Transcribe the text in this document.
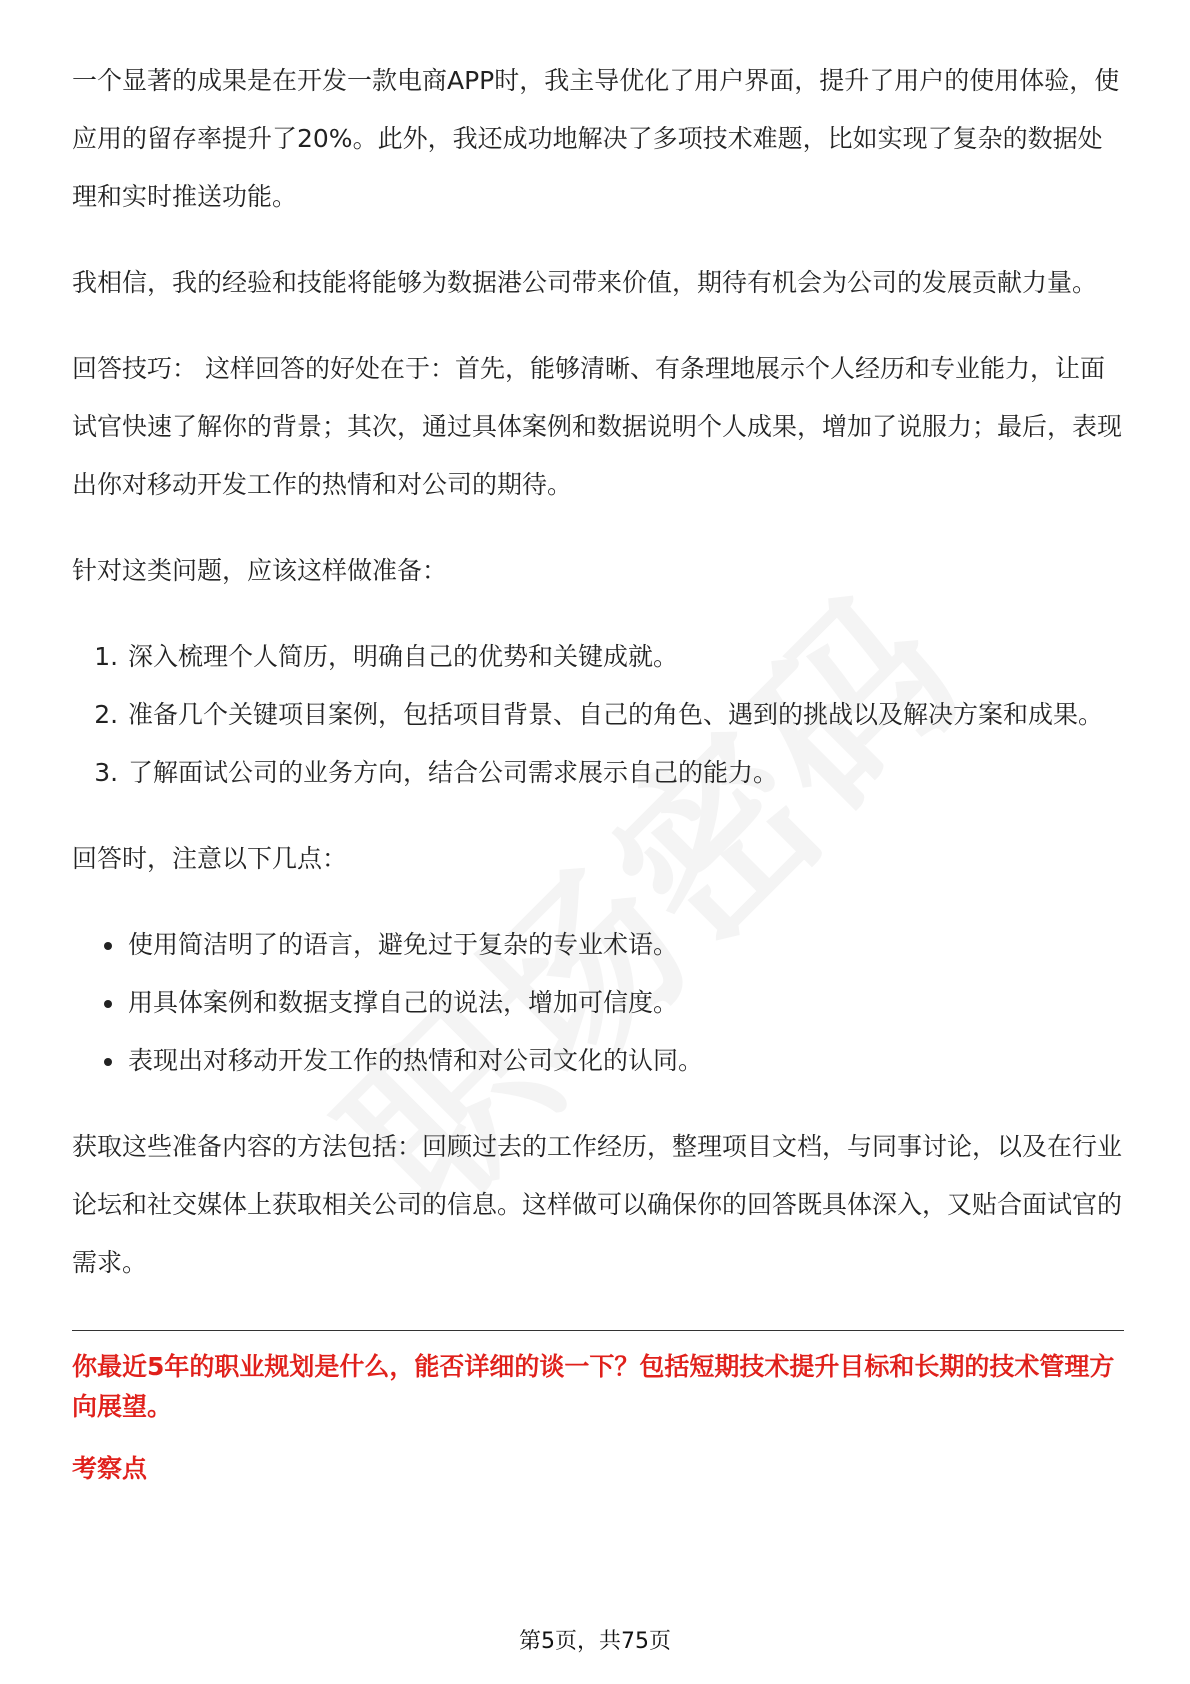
一个显著的成果是在开发一款电商APP时，我主导优化了用户界面，提升了用户的使用体验，使应用的留存率提升了20%。此外，我还成功地解决了多项技术难题，比如实现了复杂的数据处理和实时推送功能。

我相信，我的经验和技能将能够为数据港公司带来价值，期待有机会为公司的发展贡献力量。

回答技巧： 这样回答的好处在于：首先，能够清晰、有条理地展示个人经历和专业能力，让面试官快速了解你的背景；其次，通过具体案例和数据说明个人成果，增加了说服力；最后，表现出你对移动开发工作的热情和对公司的期待。

针对这类问题，应该这样做准备：

1. 深入梳理个人简历，明确自己的优势和关键成就。
2. 准备几个关键项目案例，包括项目背景、自己的角色、遇到的挑战以及解决方案和成果。
3. 了解面试公司的业务方向，结合公司需求展示自己的能力。

回答时，注意以下几点：

• 使用简洁明了的语言，避免过于复杂的专业术语。
• 用具体案例和数据支撑自己的说法，增加可信度。
• 表现出对移动开发工作的热情和对公司文化的认同。

获取这些准备内容的方法包括：回顾过去的工作经历，整理项目文档，与同事讨论，以及在行业论坛和社交媒体上获取相关公司的信息。这样做可以确保你的回答既具体深入，又贴合面试官的需求。

你最近5年的职业规划是什么，能否详细的谈一下？包括短期技术提升目标和长期的技术管理方向展望。
考察点
第5页，共75页
